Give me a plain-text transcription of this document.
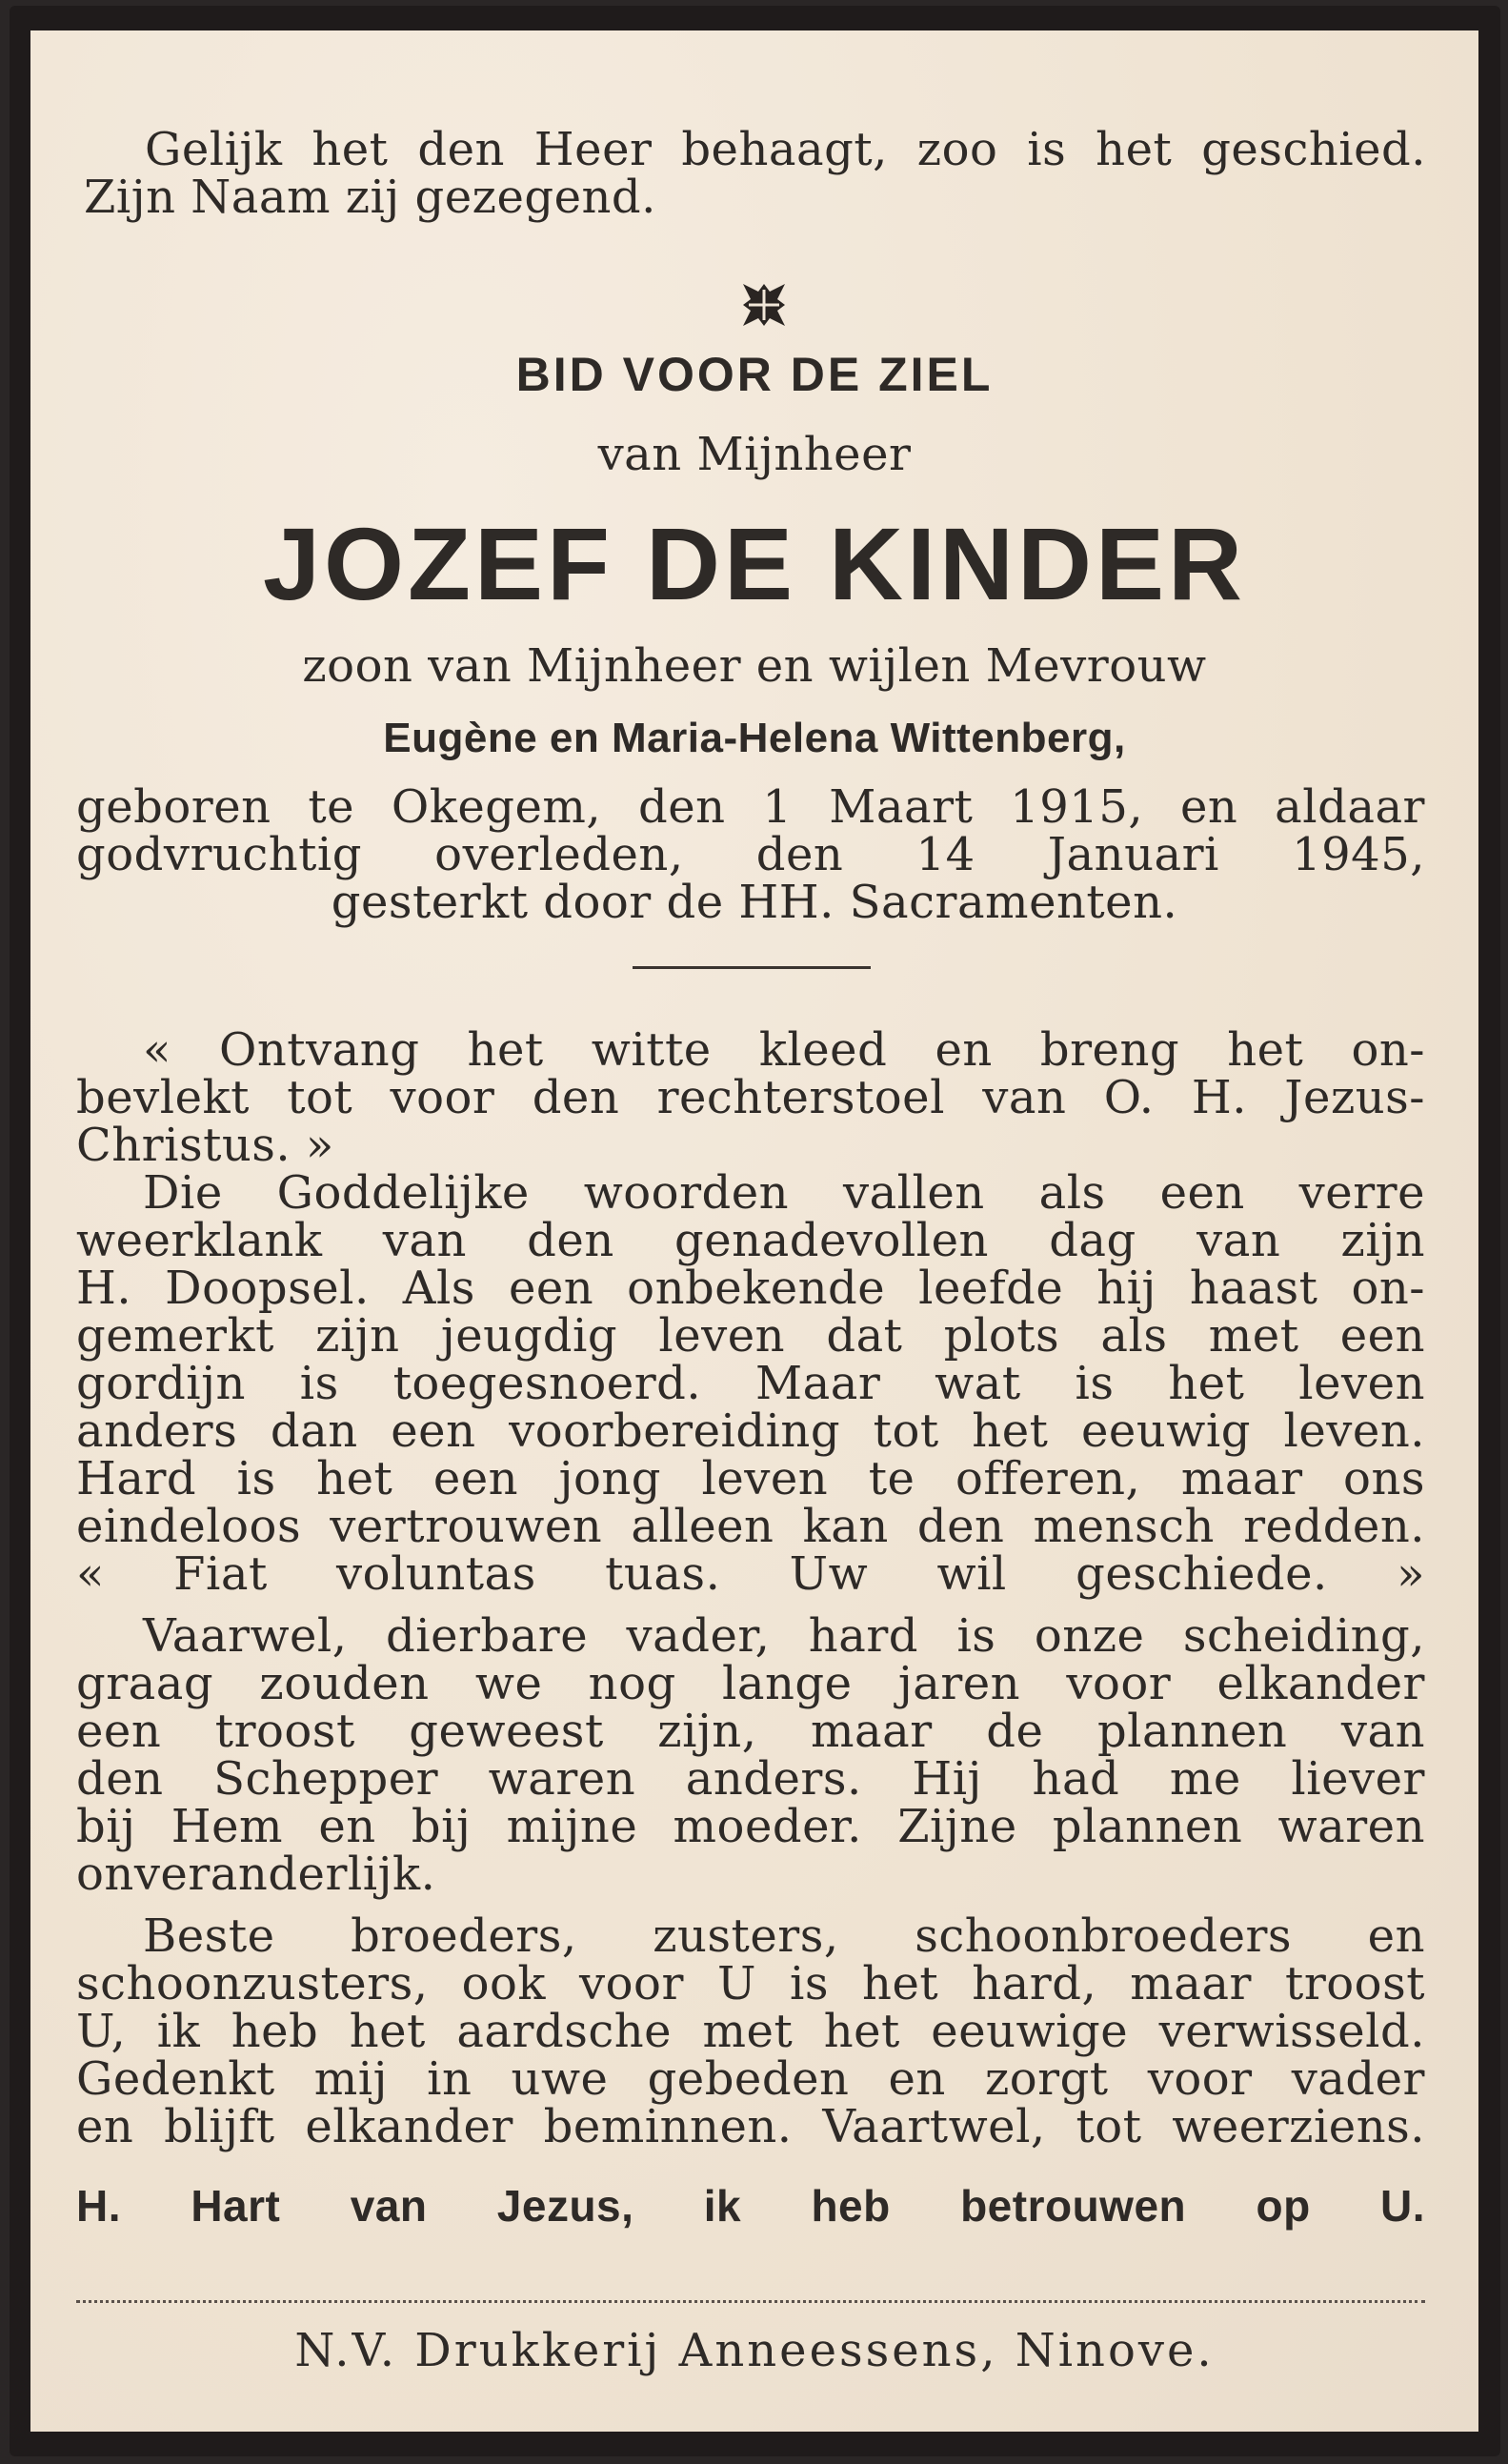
Gelijk het den Heer behaagt, zoo is het geschied.
Zijn Naam zij gezegend.
BID VOOR DE ZIEL
van Mijnheer
JOZEF DE KINDER
zoon van Mijnheer en wijlen Mevrouw
Eugène en Maria-Helena Wittenberg,
geboren te Okegem, den 1 Maart 1915, en aldaar
godvruchtig overleden, den 14 Januari 1945,
gesterkt door de HH. Sacramenten.
« Ontvang het witte kleed en breng het on-
bevlekt tot voor den rechterstoel van O. H. Jezus-
Christus. »
Die Goddelijke woorden vallen als een verre
weerklank van den genadevollen dag van zijn
H. Doopsel. Als een onbekende leefde hij haast on-
gemerkt zijn jeugdig leven dat plots als met een
gordijn is toegesnoerd. Maar wat is het leven
anders dan een voorbereiding tot het eeuwig leven.
Hard is het een jong leven te offeren, maar ons
eindeloos vertrouwen alleen kan den mensch redden.
« Fiat voluntas tuas. Uw wil geschiede. »
Vaarwel, dierbare vader, hard is onze scheiding,
graag zouden we nog lange jaren voor elkander
een troost geweest zijn, maar de plannen van
den Schepper waren anders. Hij had me liever
bij Hem en bij mijne moeder. Zijne plannen waren
onveranderlijk.
Beste broeders, zusters, schoonbroeders en
schoonzusters, ook voor U is het hard, maar troost
U, ik heb het aardsche met het eeuwige verwisseld.
Gedenkt mij in uwe gebeden en zorgt voor vader
en blijft elkander beminnen. Vaartwel, tot weerziens.
H. Hart van Jezus, ik heb betrouwen op U.
N.V. Drukkerij Anneessens, Ninove.
